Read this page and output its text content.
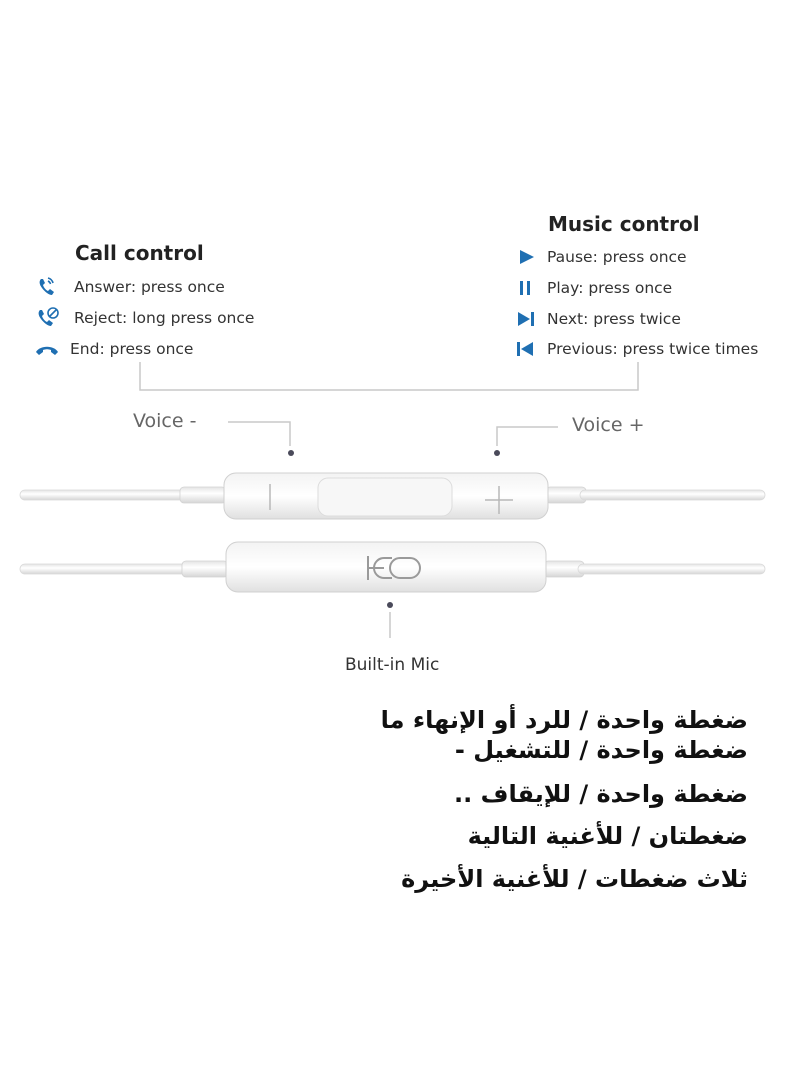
Call control
Answer: press once
Reject: long press once
End: press once
Music control
Pause: press once
Play: press once
Next: press twice
Previous: press twice times
Voice -	Voice +
Built-in Mic
ضغطة واحدة / للرد أو الإنهاء ما
ضغطة واحدة / للتشغيل -
ضغطة واحدة / للإيقاف ..
ضغطتان / للأغنية التالية
ثلاث ضغطات / للأغنية الأخيرة
